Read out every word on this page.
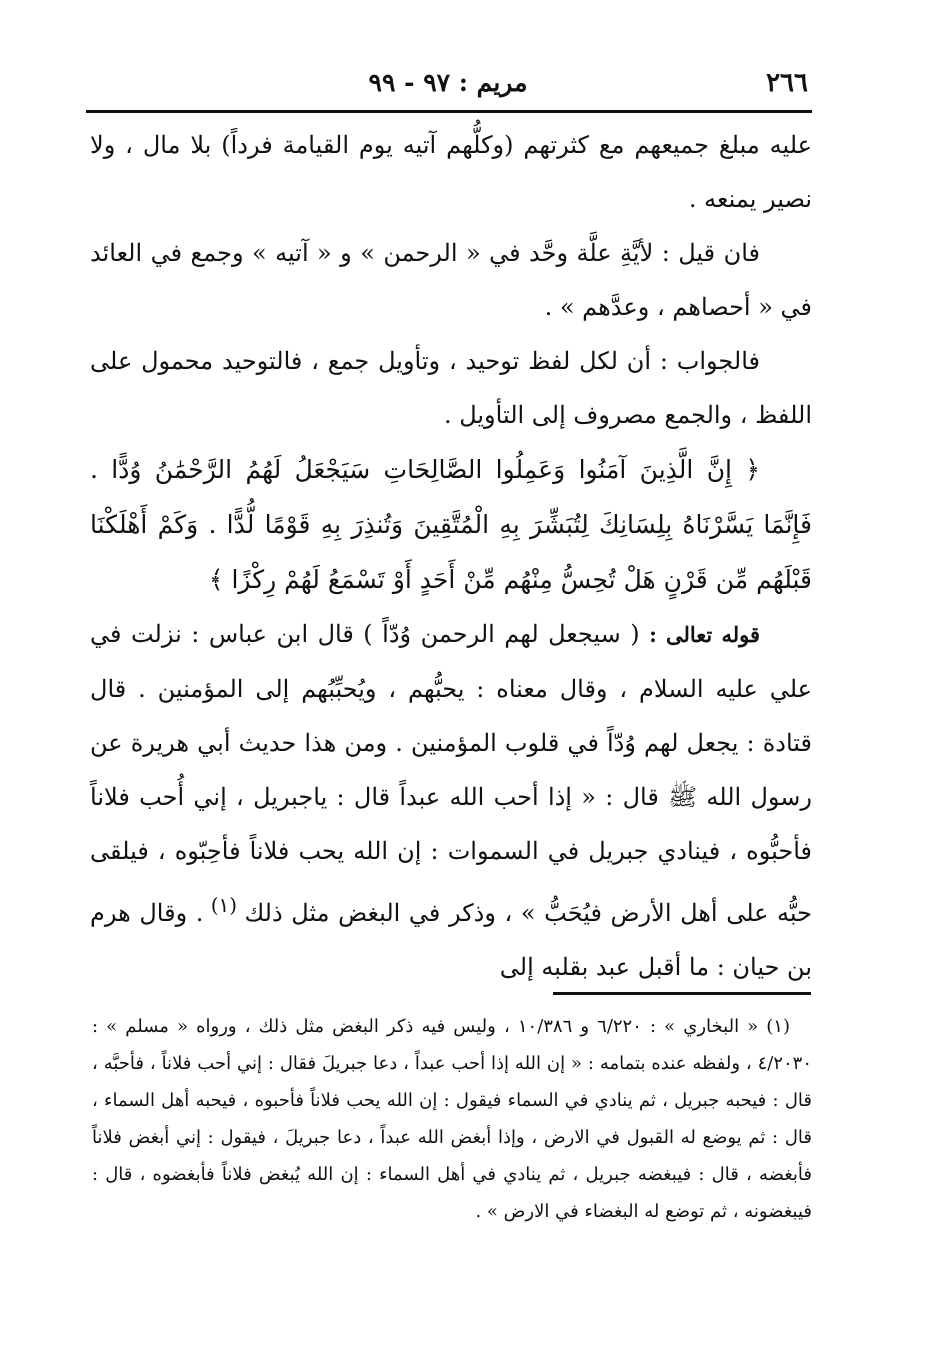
٢٦٦
مريم : ٩٧ - ٩٩

عليه مبلغ جميعهم مع كثرتهم (وكلُّهم آتيه يوم القيامة فرداً) بلا مال ، ولا نصير يمنعه .

فان قيل : لأيَّةِ علَّة وحَّد في « الرحمن » و « آتيه » وجمع في العائد في « أحصاهم ، وعدَّهم » .

فالجواب : أن لكل لفظ توحيد ، وتأويل جمع ، فالتوحيد محمول على اللفظ ، والجمع مصروف إلى التأويل .

﴿ إِنَّ الَّذِينَ آمَنُوا وَعَمِلُوا الصَّالِحَاتِ سَيَجْعَلُ لَهُمُ الرَّحْمَٰنُ وُدًّا . فَإِنَّمَا يَسَّرْنَاهُ بِلِسَانِكَ لِتُبَشِّرَ بِهِ الْمُتَّقِينَ وَتُنذِرَ بِهِ قَوْمًا لُّدًّا . وَكَمْ أَهْلَكْنَا قَبْلَهُم مِّن قَرْنٍ هَلْ تُحِسُّ مِنْهُم مِّنْ أَحَدٍ أَوْ تَسْمَعُ لَهُمْ رِكْزًا ﴾

قوله تعالى : ( سيجعل لهم الرحمن وُدّاً ) قال ابن عباس : نزلت في علي عليه السلام ، وقال معناه : يحبُّهم ، ويُحبِّبُهم إلى المؤمنين . قال قتادة : يجعل لهم وُدّاً في قلوب المؤمنين . ومن هذا حديث أبي هريرة عن رسول الله ﷺ قال : « إذا أحب الله عبداً قال : ياجبريل ، إني أُحب فلاناً فأحبُّوه ، فينادي جبريل في السموات : إن الله يحب فلاناً فأحِبّوه ، فيلقى حبُّه على أهل الأرض فيُحَبُّ » ، وذكر في البغض مثل ذلك $^{(١)}$ . وقال هرم بن حيان : ما أقبل عبد بقلبه إلى

(١) « البخاري » : ٦/٢٢٠ و ١٠/٣٨٦ ، وليس فيه ذكر البغض مثل ذلك ، ورواه « مسلم » : ٤/٢٠٣٠ ، ولفظه عنده بتمامه : « إن الله إذا أحب عبداً ، دعا جبريلَ فقال : إني أحب فلاناً ، فأحبَّه ، قال : فيحبه جبريل ، ثم ينادي في السماء فيقول : إن الله يحب فلاناً فأحبوه ، فيحبه أهل السماء ، قال : ثم يوضع له القبول في الارض ، وإذا أبغض الله عبداً ، دعا جبريلَ ، فيقول : إني أبغض فلاناً فأبغضه ، قال : فيبغضه جبريل ، ثم ينادي في أهل السماء : إن الله يُبغض فلاناً فأبغضوه ، قال : فيبغضونه ، ثم توضع له البغضاء في الارض » .
